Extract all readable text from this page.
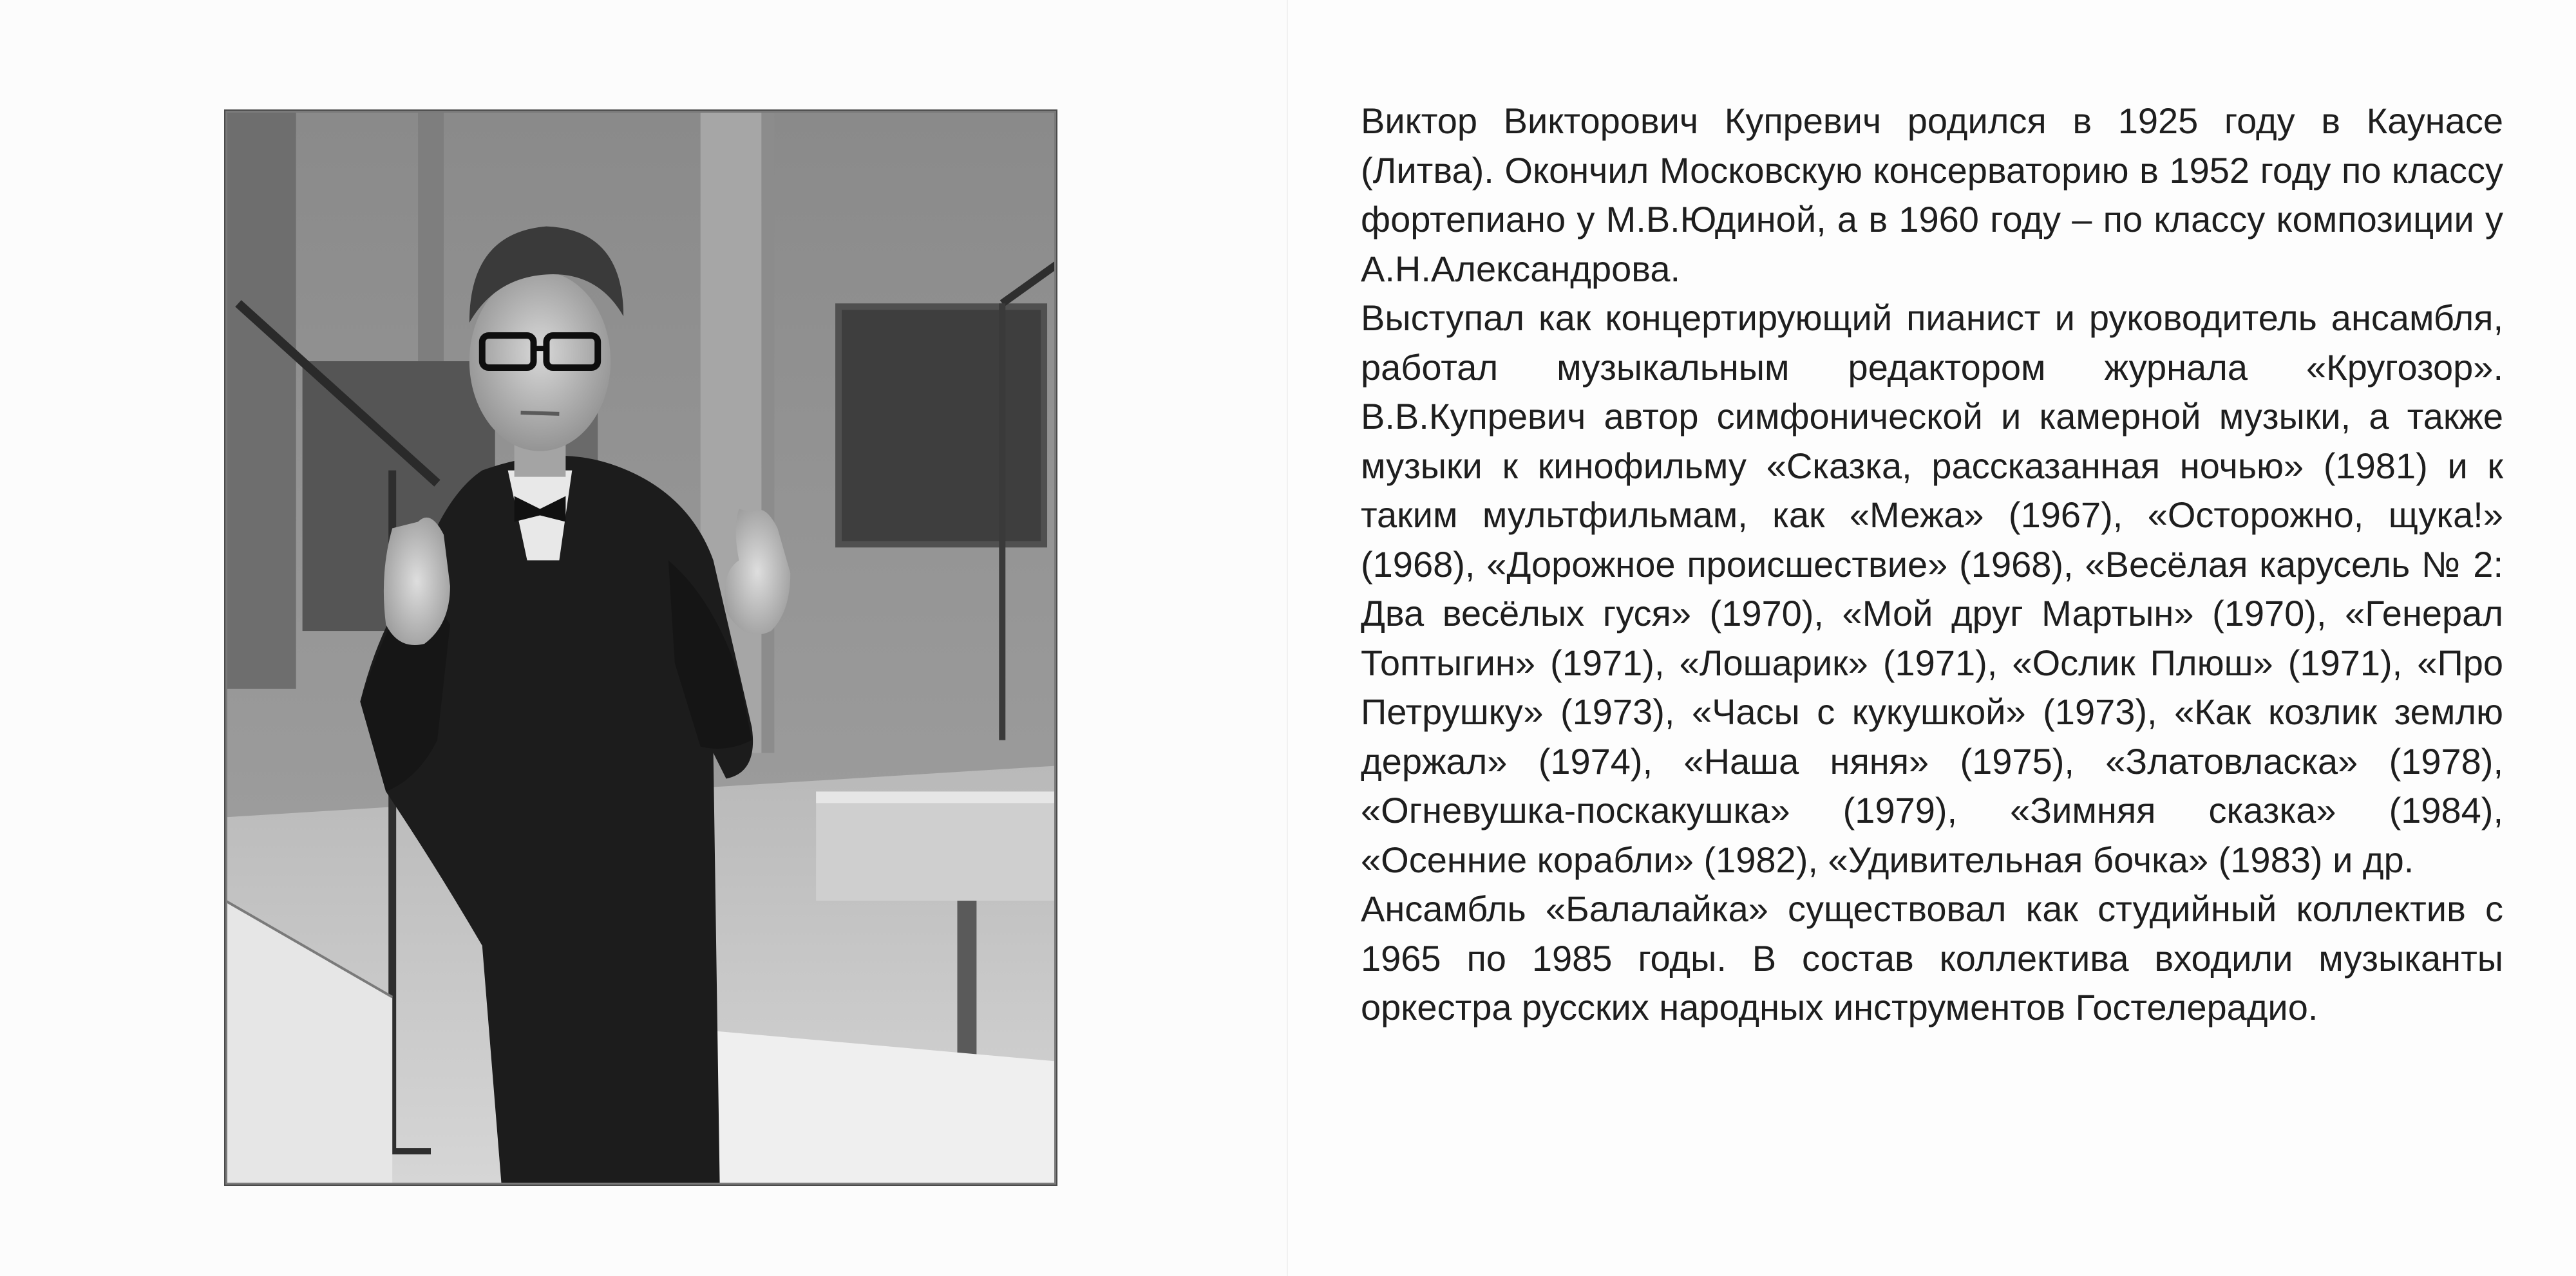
Виктор Викторович Купревич родился в 1925 году в Каунасе (Литва). Окончил Московскую консерваторию в 1952 году по классу фортепиано у М.В.Юдиной, а в 1960 году – по классу композиции у А.Н.Александрова.

Выступал как концертирующий пианист и руководитель ансамбля, работал музыкальным редактором журнала «Кругозор». В.В.Купревич автор симфонической и камерной музыки, а также музыки к кинофильму «Сказка, рассказанная ночью» (1981) и к таким мультфильмам, как «Межа» (1967), «Осторожно, щука!» (1968), «Дорожное происшествие» (1968), «Весёлая карусель № 2: Два весёлых гуся» (1970), «Мой друг Мартын» (1970), «Генерал Топтыгин» (1971), «Лошарик» (1971), «Ослик Плюш» (1971), «Про Петрушку» (1973), «Часы с кукушкой» (1973), «Как козлик землю держал» (1974), «Наша няня» (1975), «Златовласка» (1978), «Огневушка-поскакушка» (1979), «Зимняя сказка» (1984), «Осенние корабли» (1982), «Удивительная бочка» (1983) и др.

Ансамбль «Балалайка» существовал как студийный коллектив с 1965 по 1985 годы. В состав коллектива входили музыканты оркестра русских народных инструментов Гостелерадио.
